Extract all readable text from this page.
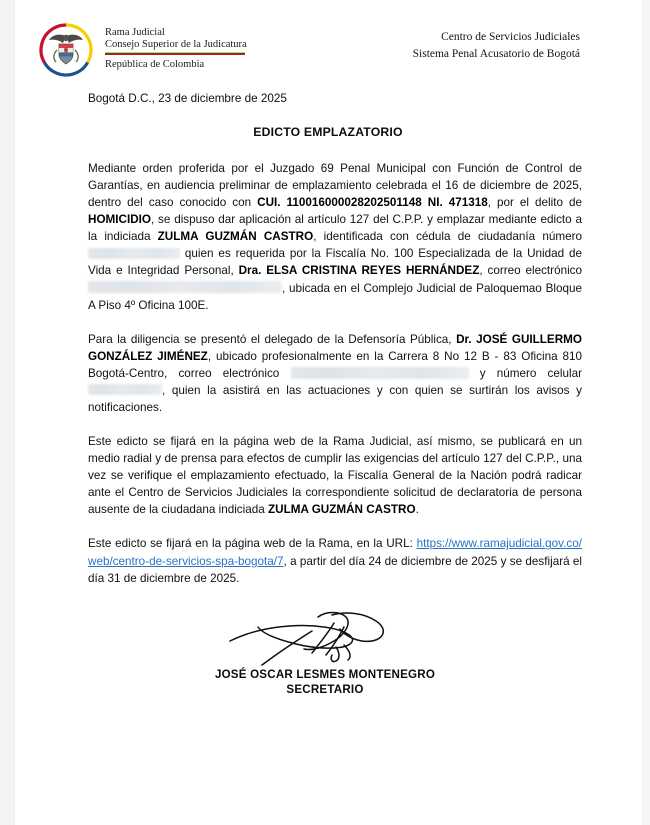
Rama Judicial
Consejo Superior de la Judicatura
República de Colombia
Centro de Servicios Judiciales
Sistema Penal Acusatorio de Bogotá
Bogotá D.C., 23 de diciembre de 2025
EDICTO EMPLAZATORIO

Mediante orden proferida por el Juzgado 69 Penal Municipal con Función de Control de Garantías, en audiencia preliminar de emplazamiento celebrada el 16 de diciembre de 2025, dentro del caso conocido con CUI. 110016000028202501148 NI. 471318, por el delito de HOMICIDIO, se dispuso dar aplicación al artículo 127 del C.P.P. y emplazar mediante edicto a la indiciada ZULMA GUZMÁN CASTRO, identificada con cédula de ciudadanía número  quien es requerida por la Fiscalía No. 100 Especializada de la Unidad de Vida e Integridad Personal, Dra. ELSA CRISTINA REYES HERNÁNDEZ, correo electrónico , ubicada en el Complejo Judicial de Paloquemao Bloque A Piso 4º Oficina 100E.

Para la diligencia se presentó el delegado de la Defensoría Pública, Dr. JOSÉ GUILLERMO GONZÁLEZ JIMÉNEZ, ubicado profesionalmente en la Carrera 8 No 12 B - 83 Oficina 810 Bogotá-Centro, correo electrónico	y número celular , quien la asistirá en las actuaciones y con quien se surtirán los avisos y notificaciones.

Este edicto se fijará en la página web de la Rama Judicial, así mismo, se publicará en un medio radial y de prensa para efectos de cumplir las exigencias del artículo 127 del C.P.P., una vez se verifique el emplazamiento efectuado, la Fiscalía General de la Nación podrá radicar ante el Centro de Servicios Judiciales la correspondiente solicitud de declaratoria de persona ausente de la ciudadana indiciada ZULMA GUZMÁN CASTRO.

Este edicto se fijará en la página web de la Rama, en la URL: https://www.ramajudicial.gov.co/web/centro-de-servicios-spa-bogota/7, a partir del día 24 de diciembre de 2025 y se desfijará el día 31 de diciembre de 2025.

JOSÉ OSCAR LESMES MONTENEGRO
SECRETARIO
